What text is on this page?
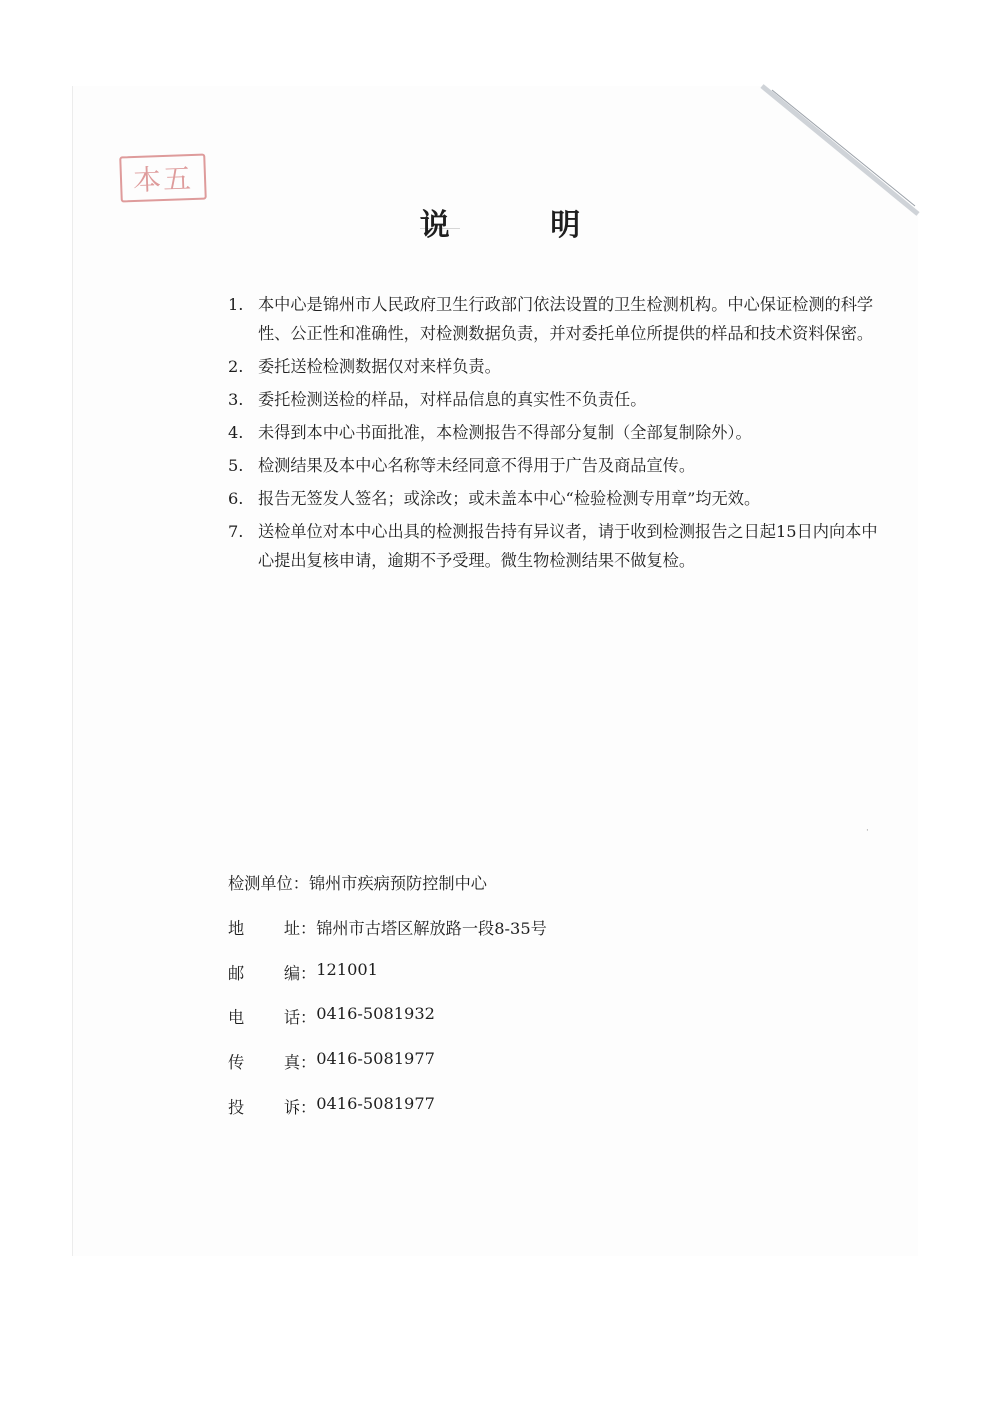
本五
说	明
1. 本中心是锦州市人民政府卫生行政部门依法设置的卫生检测机构。中心保证检测的科学性、公正性和准确性，对检测数据负责，并对委托单位所提供的样品和技术资料保密。
2. 委托送检检测数据仅对来样负责。
3. 委托检测送检的样品，对样品信息的真实性不负责任。
4. 未得到本中心书面批准，本检测报告不得部分复制（全部复制除外）。
5. 检测结果及本中心名称等未经同意不得用于广告及商品宣传。
6. 报告无签发人签名；或涂改；或未盖本中心“检验检测专用章”均无效。
7. 送检单位对本中心出具的检测报告持有异议者，请于收到检测报告之日起15日内向本中心提出复核申请，逾期不予受理。微生物检测结果不做复检。
·
检测单位 ： 锦州市疾病预防控制中心
地 址 ： 锦州市古塔区解放路一段8-35号
邮 编 ： 121001
电 话 ： 0416-5081932
传 真 ： 0416-5081977
投 诉 ： 0416-5081977
